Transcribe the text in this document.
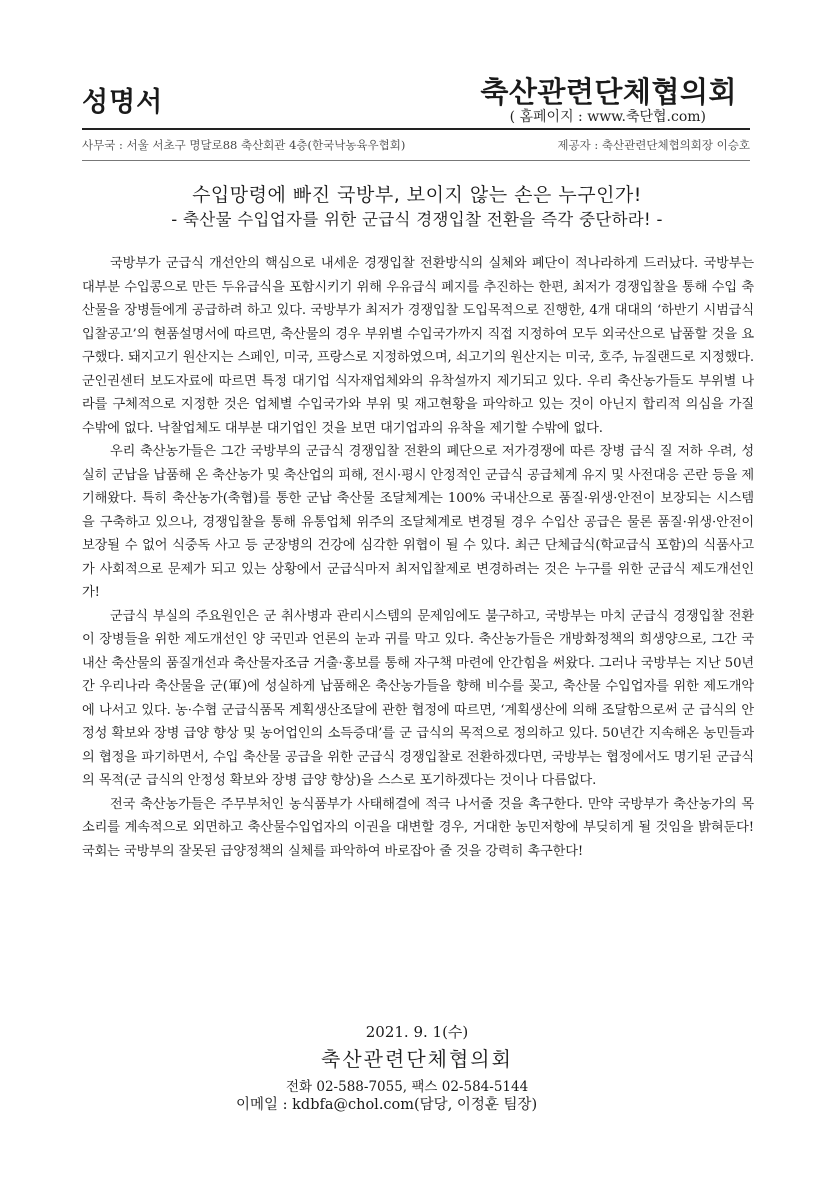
성명서	축산관련단체협의회
( 홈페이지 : www.축단협.com)
사무국 : 서울 서초구 명달로88 축산회관 4층(한국낙농육우협회)	제공자 : 축산관련단체협의회장 이승호
수입망령에 빠진 국방부, 보이지 않는 손은 누구인가!
- 축산물 수입업자를 위한 군급식 경쟁입찰 전환을 즉각 중단하라! -

국방부가 군급식 개선안의 핵심으로 내세운 경쟁입찰 전환방식의 실체와 폐단이 적나라하게 드러났다. 국방부는 대부분 수입콩으로 만든 두유급식을 포함시키기 위해 우유급식 폐지를 추진하는 한편, 최저가 경쟁입찰을 통해 수입 축산물을 장병들에게 공급하려 하고 있다. 국방부가 최저가 경쟁입찰 도입목적으로 진행한, 4개 대대의 ‘하반기 시범급식 입찰공고’의 현품설명서에 따르면, 축산물의 경우 부위별 수입국가까지 직접 지정하여 모두 외국산으로 납품할 것을 요구했다. 돼지고기 원산지는 스페인, 미국, 프랑스로 지정하였으며, 쇠고기의 원산지는 미국, 호주, 뉴질랜드로 지정했다. 군인권센터 보도자료에 따르면 특정 대기업 식자재업체와의 유착설까지 제기되고 있다. 우리 축산농가들도 부위별 나라를 구체적으로 지정한 것은 업체별 수입국가와 부위 및 재고현황을 파악하고 있는 것이 아닌지 합리적 의심을 가질 수밖에 없다. 낙찰업체도 대부분 대기업인 것을 보면 대기업과의 유착을 제기할 수밖에 없다.

우리 축산농가들은 그간 국방부의 군급식 경쟁입찰 전환의 폐단으로 저가경쟁에 따른 장병 급식 질 저하 우려, 성실히 군납을 납품해 온 축산농가 및 축산업의 피해, 전시·평시 안정적인 군급식 공급체계 유지 및 사전대응 곤란 등을 제기해왔다. 특히 축산농가(축협)를 통한 군납 축산물 조달체계는 100% 국내산으로 품질·위생·안전이 보장되는 시스템을 구축하고 있으나, 경쟁입찰을 통해 유통업체 위주의 조달체계로 변경될 경우 수입산 공급은 물론 품질·위생·안전이 보장될 수 없어 식중독 사고 등 군장병의 건강에 심각한 위협이 될 수 있다. 최근 단체급식(학교급식 포함)의 식품사고가 사회적으로 문제가 되고 있는 상황에서 군급식마저 최저입찰제로 변경하려는 것은 누구를 위한 군급식 제도개선인가!

군급식 부실의 주요원인은 군 취사병과 관리시스템의 문제임에도 불구하고, 국방부는 마치 군급식 경쟁입찰 전환이 장병들을 위한 제도개선인 양 국민과 언론의 눈과 귀를 막고 있다. 축산농가들은 개방화정책의 희생양으로, 그간 국내산 축산물의 품질개선과 축산물자조금 거출·홍보를 통해 자구책 마련에 안간힘을 써왔다. 그러나 국방부는 지난 50년간 우리나라 축산물을 군(軍)에 성실하게 납품해온 축산농가들을 향해 비수를 꽂고, 축산물 수입업자를 위한 제도개악에 나서고 있다. 농·수협 군급식품목 계획생산조달에 관한 협정에 따르면, ‘계획생산에 의해 조달함으로써 군 급식의 안정성 확보와 장병 급양 향상 및 농어업인의 소득증대’를 군 급식의 목적으로 정의하고 있다. 50년간 지속해온 농민들과의 협정을 파기하면서, 수입 축산물 공급을 위한 군급식 경쟁입찰로 전환하겠다면, 국방부는 협정에서도 명기된 군급식의 목적(군 급식의 안정성 확보와 장병 급양 향상)을 스스로 포기하겠다는 것이나 다름없다.

전국 축산농가들은 주무부처인 농식품부가 사태해결에 적극 나서줄 것을 촉구한다. 만약 국방부가 축산농가의 목소리를 계속적으로 외면하고 축산물수입업자의 이권을 대변할 경우, 거대한 농민저항에 부딪히게 될 것임을 밝혀둔다! 국회는 국방부의 잘못된 급양정책의 실체를 파악하여 바로잡아 줄 것을 강력히 촉구한다!

2021. 9. 1(수)
축산관련단체협의회
전화 02-588-7055, 팩스 02-584-5144
이메일 : kdbfa@chol.com(담당, 이정훈 팀장)
